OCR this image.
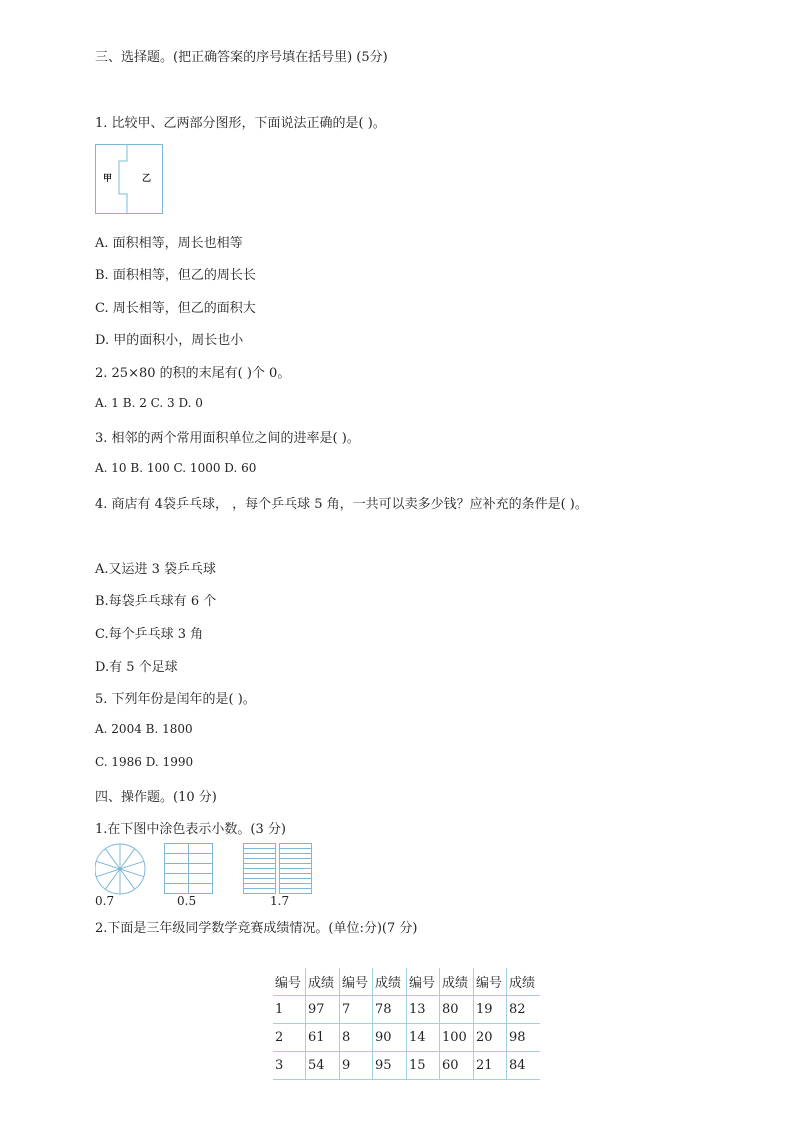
三、选择题。(把正确答案的序号填在括号里) (5分)
1. 比较甲、乙两部分图形，下面说法正确的是( )。
甲	乙
A. 面积相等，周长也相等
B. 面积相等，但乙的周长长
C. 周长相等，但乙的面积大
D. 甲的面积小，周长也小
2. 25×80 的积的末尾有( )个 0。
A. 1 B. 2 C. 3 D. 0
3. 相邻的两个常用面积单位之间的进率是( )。
A. 10 B. 100 C. 1000 D. 60
4. 商店有 4袋乒乓球， ，每个乒乓球 5 角，一共可以卖多少钱？应补充的条件是( )。
A.又运进 3 袋乒乓球
B.每袋乒乓球有 6 个
C.每个乒乓球 3 角
D.有 5 个足球
5. 下列年份是闰年的是( )。
A. 2004 B. 1800
C. 1986 D. 1990
四、操作题。(10 分)
1.在下图中涂色表示小数。(3 分)
0.7	0.5	1.7
2.下面是三年级同学数学竞赛成绩情况。(单位:分)(7 分)
编号	成绩	编号	成绩	编号	成绩	编号	成绩
1	97	7	78	13	80	19	82
2	61	8	90	14	100	20	98
3	54	9	95	15	60	21	84
